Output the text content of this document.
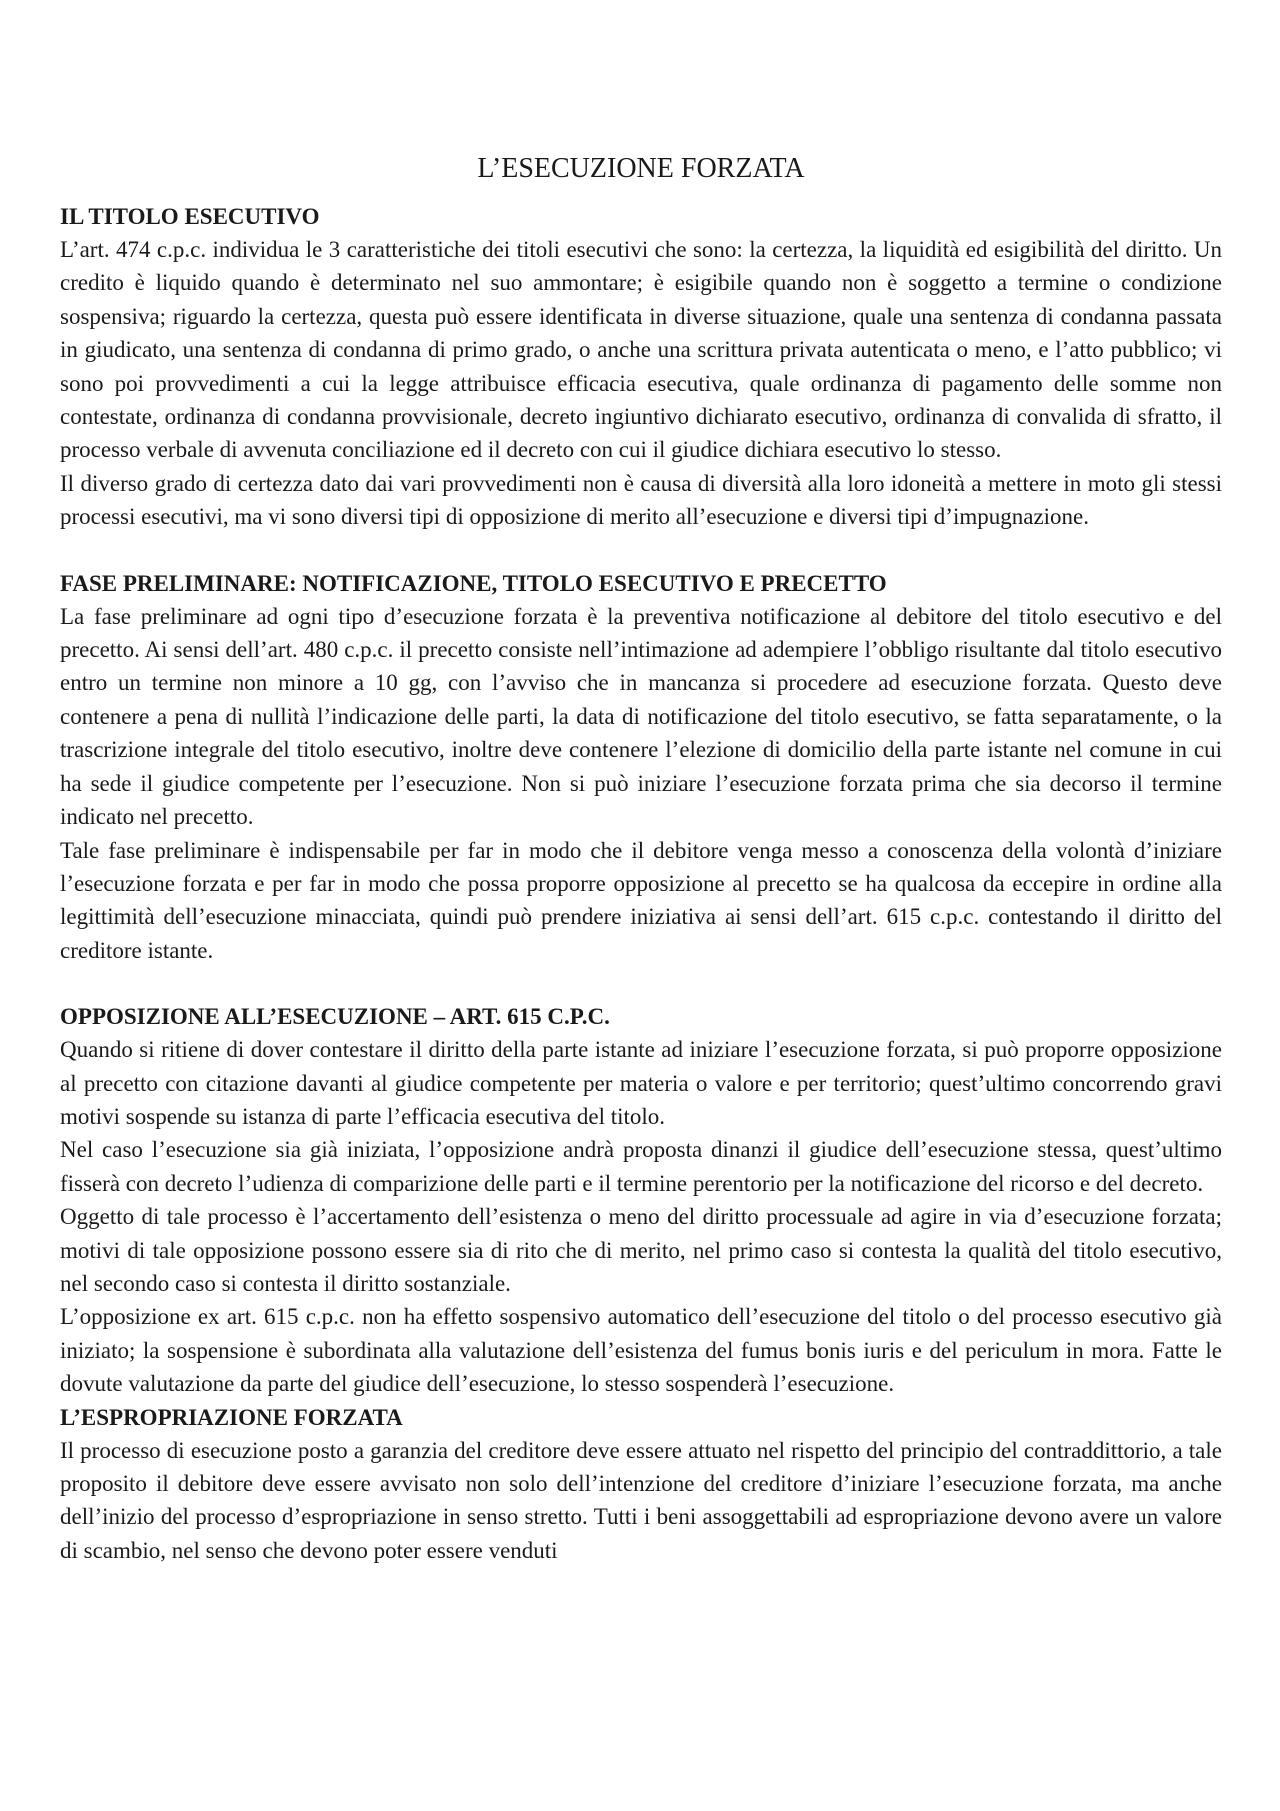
L’ESECUZIONE FORZATA
IL TITOLO ESECUTIVO

L’art. 474 c.p.c. individua le 3 caratteristiche dei titoli esecutivi che sono: la certezza, la liquidità ed esigibilità del diritto. Un credito è liquido quando è determinato nel suo ammontare; è esigibile quando non è soggetto a termine o condizione sospensiva; riguardo la certezza, questa può essere identificata in diverse situazione, quale una sentenza di condanna passata in giudicato, una sentenza di condanna di primo grado, o anche una scrittura privata autenticata o meno, e l’atto pubblico; vi sono poi provvedimenti a cui la legge attribuisce efficacia esecutiva, quale ordinanza di pagamento delle somme non contestate, ordinanza di condanna provvisionale, decreto ingiuntivo dichiarato esecutivo, ordinanza di convalida di sfratto, il processo verbale di avvenuta conciliazione ed il decreto con cui il giudice dichiara esecutivo lo stesso.

Il diverso grado di certezza dato dai vari provvedimenti non è causa di diversità alla loro idoneità a mettere in moto gli stessi processi esecutivi, ma vi sono diversi tipi di opposizione di merito all’esecuzione e diversi tipi d’impugnazione.

FASE PRELIMINARE: NOTIFICAZIONE, TITOLO ESECUTIVO E PRECETTO

La fase preliminare ad ogni tipo d’esecuzione forzata è la preventiva notificazione al debitore del titolo esecutivo e del precetto. Ai sensi dell’art. 480 c.p.c. il precetto consiste nell’intimazione ad adempiere l’obbligo risultante dal titolo esecutivo entro un termine non minore a 10 gg, con l’avviso che in mancanza si procedere ad esecuzione forzata. Questo deve contenere a pena di nullità l’indicazione delle parti, la data di notificazione del titolo esecutivo, se fatta separatamente, o la trascrizione integrale del titolo esecutivo, inoltre deve contenere l’elezione di domicilio della parte istante nel comune in cui ha sede il giudice competente per l’esecuzione. Non si può iniziare l’esecuzione forzata prima che sia decorso il termine indicato nel precetto.

Tale fase preliminare è indispensabile per far in modo che il debitore venga messo a conoscenza della volontà d’iniziare l’esecuzione forzata e per far in modo che possa proporre opposizione al precetto se ha qualcosa da eccepire in ordine alla legittimità dell’esecuzione minacciata, quindi può prendere iniziativa ai sensi dell’art. 615 c.p.c. contestando il diritto del creditore istante.

OPPOSIZIONE ALL’ESECUZIONE – ART. 615 C.P.C.

Quando si ritiene di dover contestare il diritto della parte istante ad iniziare l’esecuzione forzata, si può proporre opposizione al precetto con citazione davanti al giudice competente per materia o valore e per territorio; quest’ultimo concorrendo gravi motivi sospende su istanza di parte l’efficacia esecutiva del titolo.

Nel caso l’esecuzione sia già iniziata, l’opposizione andrà proposta dinanzi il giudice dell’esecuzione stessa, quest’ultimo fisserà con decreto l’udienza di comparizione delle parti e il termine perentorio per la notificazione del ricorso e del decreto.

Oggetto di tale processo è l’accertamento dell’esistenza o meno del diritto processuale ad agire in via d’esecuzione forzata; motivi di tale opposizione possono essere sia di rito che di merito, nel primo caso si contesta la qualità del titolo esecutivo, nel secondo caso si contesta il diritto sostanziale.

L’opposizione ex art. 615 c.p.c. non ha effetto sospensivo automatico dell’esecuzione del titolo o del processo esecutivo già iniziato; la sospensione è subordinata alla valutazione dell’esistenza del fumus bonis iuris e del periculum in mora. Fatte le dovute valutazione da parte del giudice dell’esecuzione, lo stesso sospenderà l’esecuzione.

L’ESPROPRIAZIONE FORZATA

Il processo di esecuzione posto a garanzia del creditore deve essere attuato nel rispetto del principio del contraddittorio, a tale proposito il debitore deve essere avvisato non solo dell’intenzione del creditore d’iniziare l’esecuzione forzata, ma anche dell’inizio del processo d’espropriazione in senso stretto. Tutti i beni assoggettabili ad espropriazione devono avere un valore di scambio, nel senso che devono poter essere venduti
